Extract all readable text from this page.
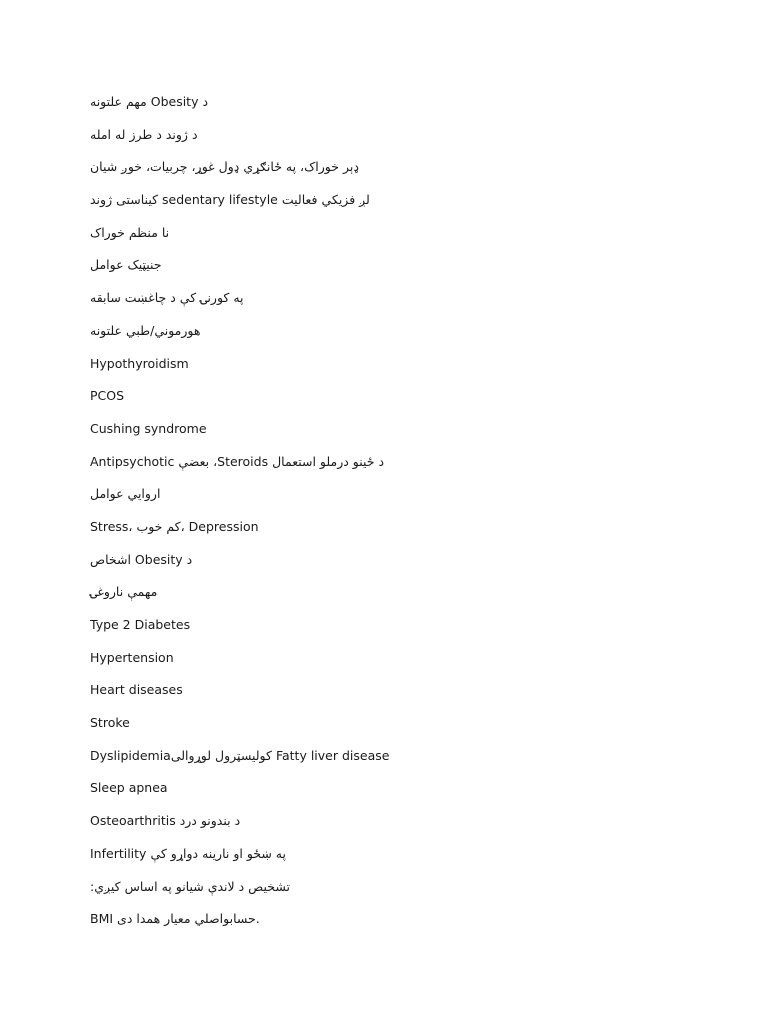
د Obesity مهم علتونه
د ژوند د طرز له امله
ډېر خوراک، په ځانګړي ډول غوړ، چربیات، خوږ شیان
لږ فزیکي فعالیت sedentary lifestyle کیناستی ژوند
نا منظم خوراک
جنیټیک عوامل
په کورنۍ کې د چاغښت سابقه
هورموني/طبي علتونه
Hypothyroidism
PCOS
Cushing syndrome
د ځینو درملو استعمال Steroids، بعضې Antipsychotic
اروایي عوامل
Stress، کم خوب، Depression
د Obesity اشخاص
مهمې ناروغۍ
Type 2 Diabetes
Hypertension
Heart diseases
Stroke
Dyslipidemiaکولیسټرول لوړوالی Fatty liver disease
Sleep apnea
Osteoarthritis د بندونو درد
Infertility په ښځو او نارینه دواړو کې
تشخیص د لاندې شیانو په اساس کیږي:
BMI حسابواصلي معیار همدا دی.
